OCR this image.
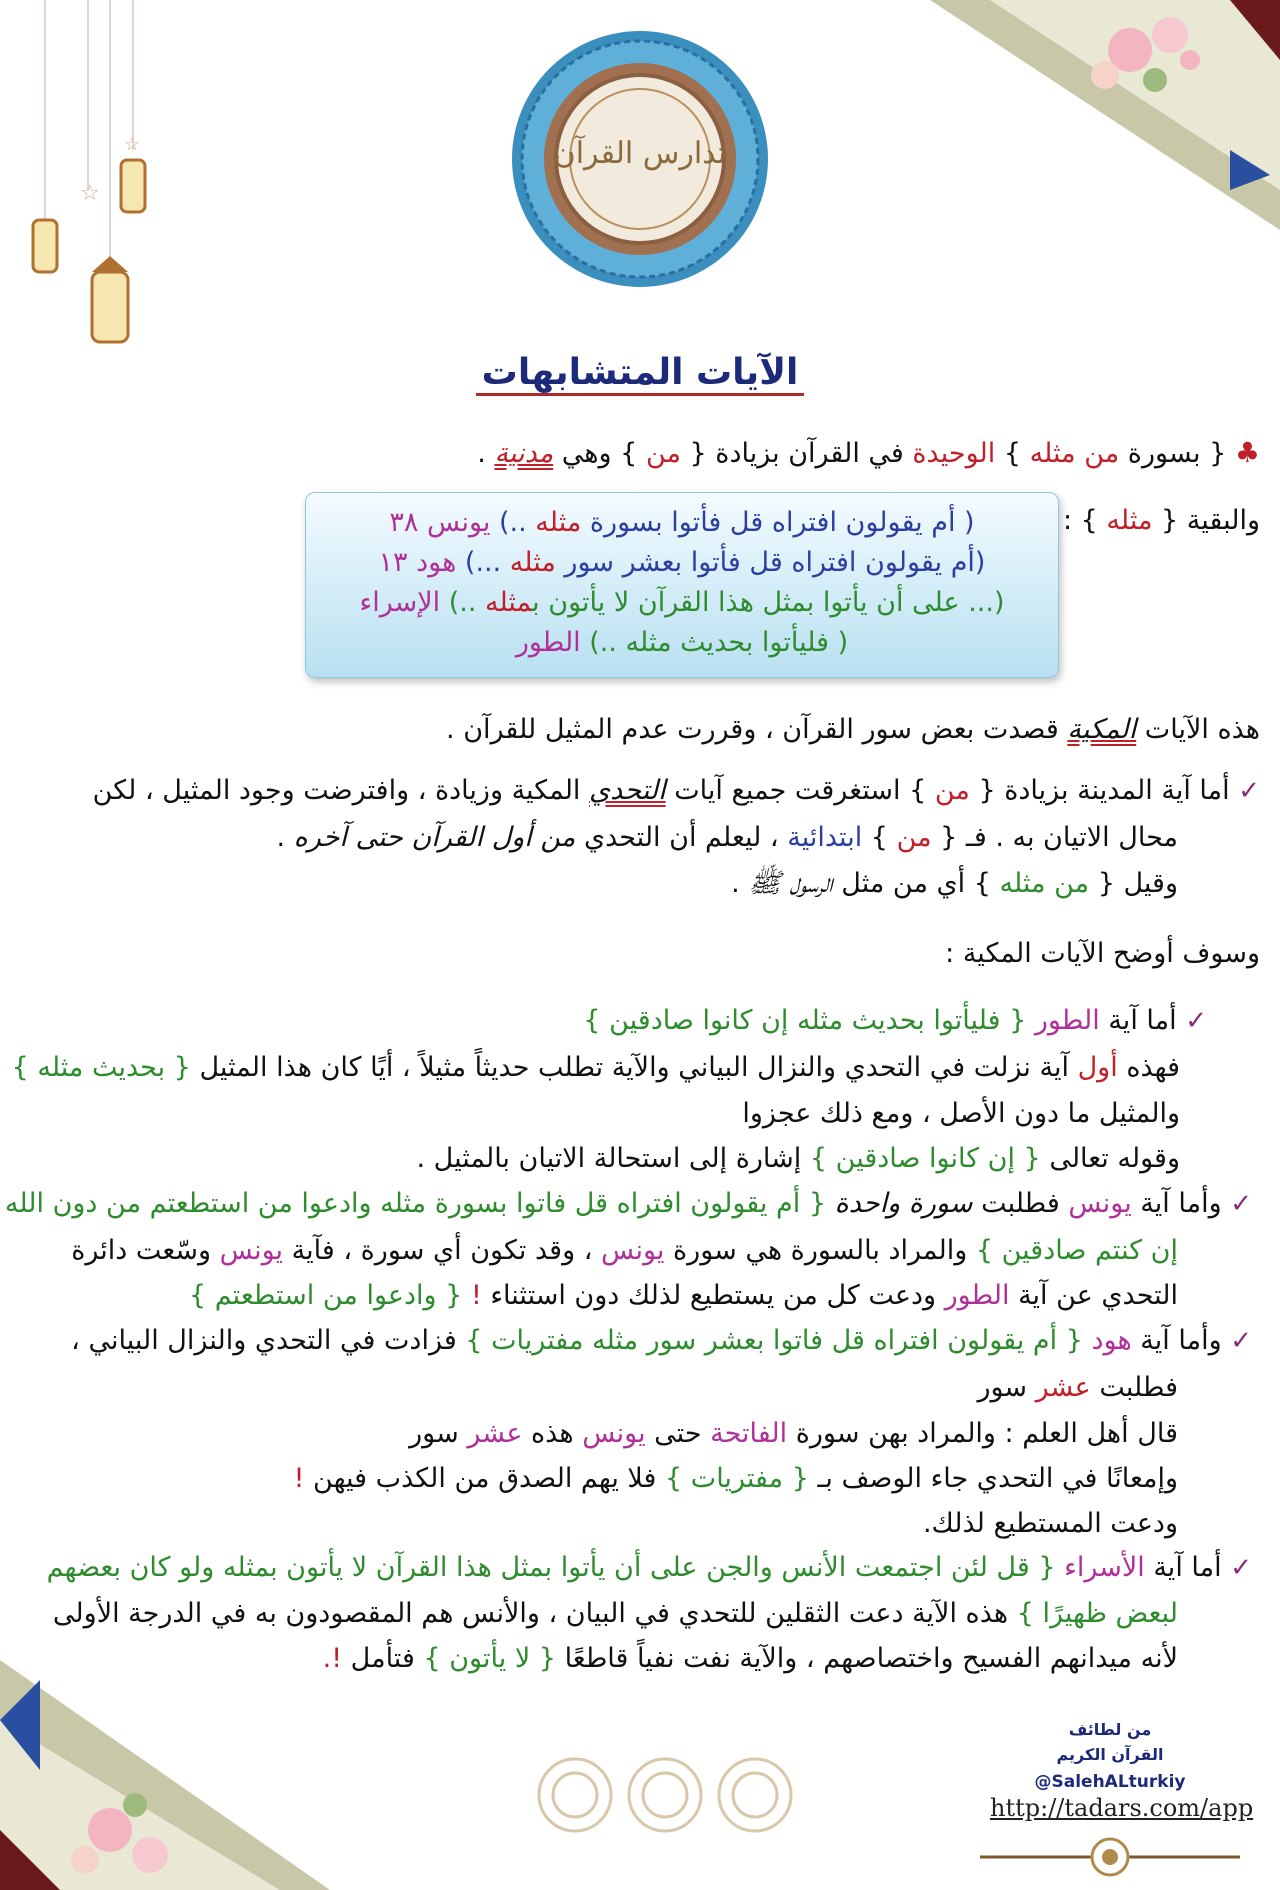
☆
☆	تدارس القرآن
الآيات المتشابهات
♣ { بسورة من مثله } الوحيدة في القرآن بزيادة { من } وهي مدنية .
والبقية { مثله } :
( أم يقولون افتراه قل فأتوا بسورة مثله ..) يونس ٣٨
(أم يقولون افتراه قل فأتوا بعشر سور مثله ...) هود ١٣
(... على أن يأتوا بمثل هذا القرآن لا يأتون بمثله ..) الإسراء
( فليأتوا بحديث مثله ..) الطور
هذه الآيات المكية قصدت بعض سور القرآن ، وقررت عدم المثيل للقرآن .
✓ أما آية المدينة بزيادة { من } استغرقت جميع آيات التحدي المكية وزيادة ، وافترضت وجود المثيل ، لكن
محال الاتيان به . فـ { من } ابتدائية ، ليعلم أن التحدي من أول القرآن حتى آخره .
وقيل { من مثله } أي من مثل الرسول ﷺ .
وسوف أوضح الآيات المكية :
✓ أما آية الطور { فليأتوا بحديث مثله إن كانوا صادقين }
فهذه أول آية نزلت في التحدي والنزال البياني والآية تطلب حديثاً مثيلاً ، أيًا كان هذا المثيل { بحديث مثله }
والمثيل ما دون الأصل ، ومع ذلك عجزوا
وقوله تعالى { إن كانوا صادقين } إشارة إلى استحالة الاتيان بالمثيل .
✓ وأما آية يونس فطلبت سورة واحدة { أم يقولون افتراه قل فاتوا بسورة مثله وادعوا من استطعتم من دون الله
إن كنتم صادقين } والمراد بالسورة هي سورة يونس ، وقد تكون أي سورة ، فآية يونس وسّعت دائرة
التحدي عن آية الطور ودعت كل من يستطيع لذلك دون استثناء ! { وادعوا من استطعتم }
✓ وأما آية هود { أم يقولون افتراه قل فاتوا بعشر سور مثله مفتريات } فزادت في التحدي والنزال البياني ،
فطلبت عشر سور
قال أهل العلم : والمراد بهن سورة الفاتحة حتى يونس هذه عشر سور
وإمعانًا في التحدي جاء الوصف بـ { مفتريات } فلا يهم الصدق من الكذب فيهن !
ودعت المستطيع لذلك.
✓ أما آية الأسراء { قل لئن اجتمعت الأنس والجن على أن يأتوا بمثل هذا القرآن لا يأتون بمثله ولو كان بعضهم
لبعض ظهيرًا } هذه الآية دعت الثقلين للتحدي في البيان ، والأنس هم المقصودون به في الدرجة الأولى
لأنه ميدانهم الفسيح واختصاصهم ، والآية نفت نفياً قاطعًا { لا يأتون } فتأمل !.
من لطائف
القرآن الكريم
@SalehALturkiy
http://tadars.com/app
